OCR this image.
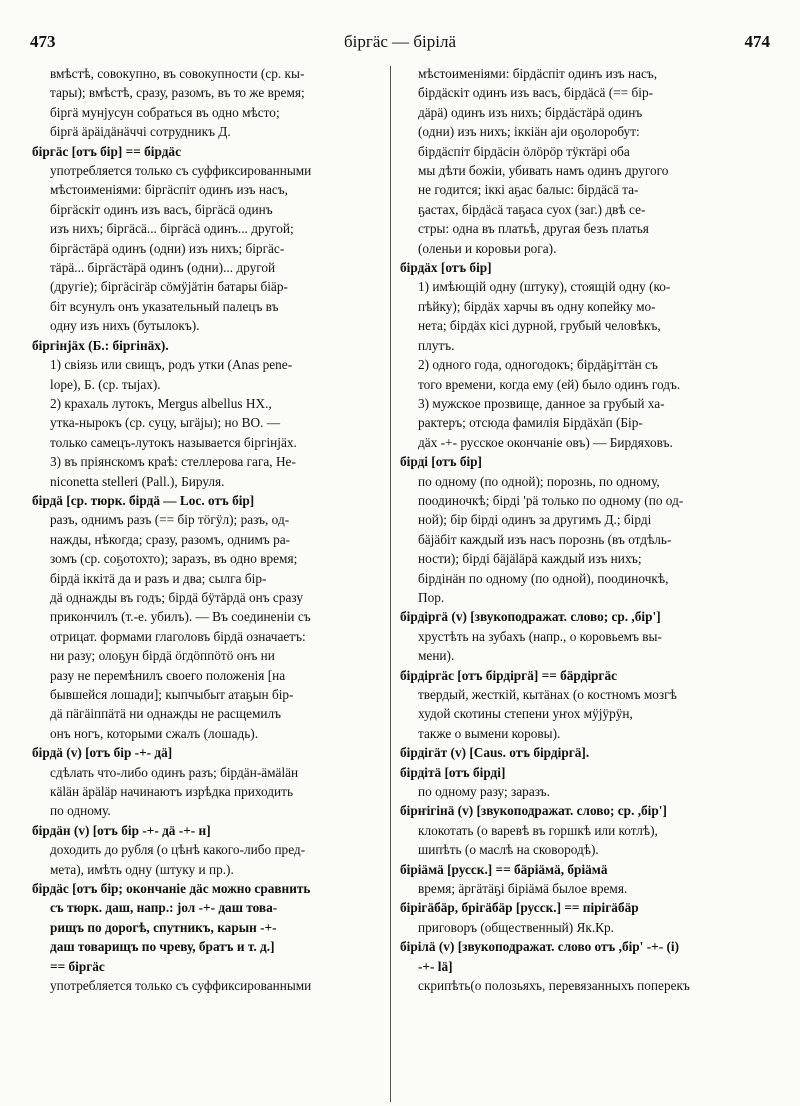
473	бiргäс — бiрiлä	474

вмѣстѣ, совокупно, въ совокупности (ср. кы-
тары); вмѣстѣ, сразу, разомъ, въ то же время;
бiргä мунјусун собраться въ одно мѣсто;
бiргä äрäiдäнäччi сотрудникъ Д.

бiргäс [отъ бiр] == бiрдäс

употребляется только съ суффиксированными
мѣстоименiями: бiргäспiт одинъ изъ насъ,
бiргäскiт одинъ изъ васъ, бiргäсä одинъ
изъ нихъ; бiргäсä... бiргäсä одинъ... другой;
бiргäстäрä одинъ (одни) изъ нихъ; бiргäс-
тäрä... бiргäстäрä одинъ (одни)... другой
(другiе); бiргäсiгäр сöмÿјäтiн батары бiäр-
бiт всунулъ онъ указательный палецъ въ
одну изъ нихъ (бутылокъ).

бiргiнјäх (Б.: бiргiнäх).

1) свiязь или свищъ, родъ утки (Anas pene-
lope), Б. (ср. тыјах).
2) крахаль лутокъ, Mergus albellus НХ.,
утка-нырокъ (ср. суцу, ыгäјы); но ВО. —
только самецъ-лутокъ называется бiргiнјäх.
3) въ прiянскомъ краѣ: стеллерова гага, Не-
niconetta stelleri (Pall.), Бируля.

бiрдä [ср. тюрк. бiрдä — Loc. отъ бiр]

разъ, однимъ разъ (== бiр тöгÿл); разъ, од-
нажды, нѣкогда; сразу, разомъ, однимъ ра-
зомъ (ср. соҕотохто); заразъ, въ одно время;
бiрдä iккiтä да и разъ и два; сылга бiр-
дä однажды въ годъ; бiрдä бÿтäрдä онъ сразу
прикончилъ (т.-е. убилъ). — Въ соединенiи съ
отрицат. формами глаголовъ бiрдä означаетъ:
ни разу; олоҕун бiрдä öгдöппöтö онъ ни
разу не перемѣнилъ своего положенiя [на
бывшейся лошади]; кыпчыбыт атаҕын бiр-
дä пäгäiппäтä ни однажды не расщемилъ
онъ ногъ, которыми сжалъ (лошадь).

бiрдä (v) [отъ бiр -+- дä]

сдѣлать что-либо одинъ разъ; бiрдäн-äмäläн
кäläн äрäläр начинаютъ изрѣдка приходить
по одному.

бiрдäн (v) [отъ бiр -+- дä -+- н]

доходить до рубля (о цѣнѣ какого-либо пред-
мета), имѣть одну (штуку и пр.).

бiрдäс [отъ бiр; окончанiе дäс можно сравнить
съ тюрк. даш, напр.: јол -+- даш това-
рищъ по дорогѣ, спутникъ, карын -+-
даш товарищъ по чреву, братъ и т. д.]
== бiргäс

употребляется только съ суффиксированными

мѣстоименiями: бiрдäспiт одинъ изъ насъ,
бiрдäскiт одинъ изъ васъ, бiрдäсä (== бiр-
дäрä) одинъ изъ нихъ; бiрдäстäрä одинъ
(одни) изъ нихъ; iккiäн аји оҕолоробут:
бiрдäспiт бiрдäсiн öлöрöр тÿктäрi оба
мы дѣти божiи, убивать намъ одинъ другого
не годится; iккi аҕас балыс: бiрдäсä та-
ҕастах, бiрдäсä таҕаса суох (заг.) двѣ се-
стры: одна въ платьѣ, другая безъ платья
(оленьи и коровьи рога).

бiрдäх [отъ бiр]

1) имѣющiй одну (штуку), стоящiй одну (ко-
пѣйку); бiрдäх харчы въ одну копейку мо-
нета; бiрдäх кiсi дурной, грубый человѣкъ,
плутъ.
2) одного года, одногодокъ; бiрдäҕiттäн съ
того времени, когда ему (ей) было одинъ годъ.
3) мужское прозвище, данное за грубый ха-
рактеръ; отсюда фамилiя Бiрдäхäп (Бiр-
дäх -+- русское окончанiе овъ) — Бирдяховъ.

бiрдi [отъ бiр]

по одному (по одной); порознь, по одному,
поодиночкѣ; бiрдi 'рä только по одному (по од-
ной); бiр бiрдi одинъ за другимъ Д.; бiрдi
бäјäбiт каждый изъ насъ порознь (въ отдѣль-
ности); бiрдi бäјäläрä каждый изъ нихъ;
бiрдiнäн по одному (по одной), поодиночкѣ,
Пор.

бiрдiргä (v) [звукоподражат. слово; ср. ,бiр']

хрустѣть на зубахъ (напр., о коровьемъ вы-
мени).

бiрдiргäс [отъ бiрдiргä] == бäрдiргäс

твердый, жесткiй, кытäнах (о костномъ мозгѣ
худой скотины степени уҥох мÿјÿрÿн,
также о вымени коровы).

бiрдiгäт (v) [Caus. отъ бiрдiргä].

бiрдiтä [отъ бiрдi]

по одному разу; заразъ.

бiрҥiгiнä (v) [звукоподражат. слово; ср. ,бiр']

клокотать (о варевѣ въ горшкѣ или котлѣ),
шипѣть (о маслѣ на сковородѣ).

бiрiäмä [русск.] == бäрiäмä, брiäмä

время; äргäтäҕi бiрiäмä былое время.

бiрiгäбäр, брiгäбäр [русск.] == пiрiгäбäр

приговоръ (общественный) Як.Кр.

бiрiлä (v) [звукоподражат. слово отъ ,бiр' -+- (i)
-+- lä]

скрипѣть(о полозьяхъ, перевязанныхъ поперекъ
